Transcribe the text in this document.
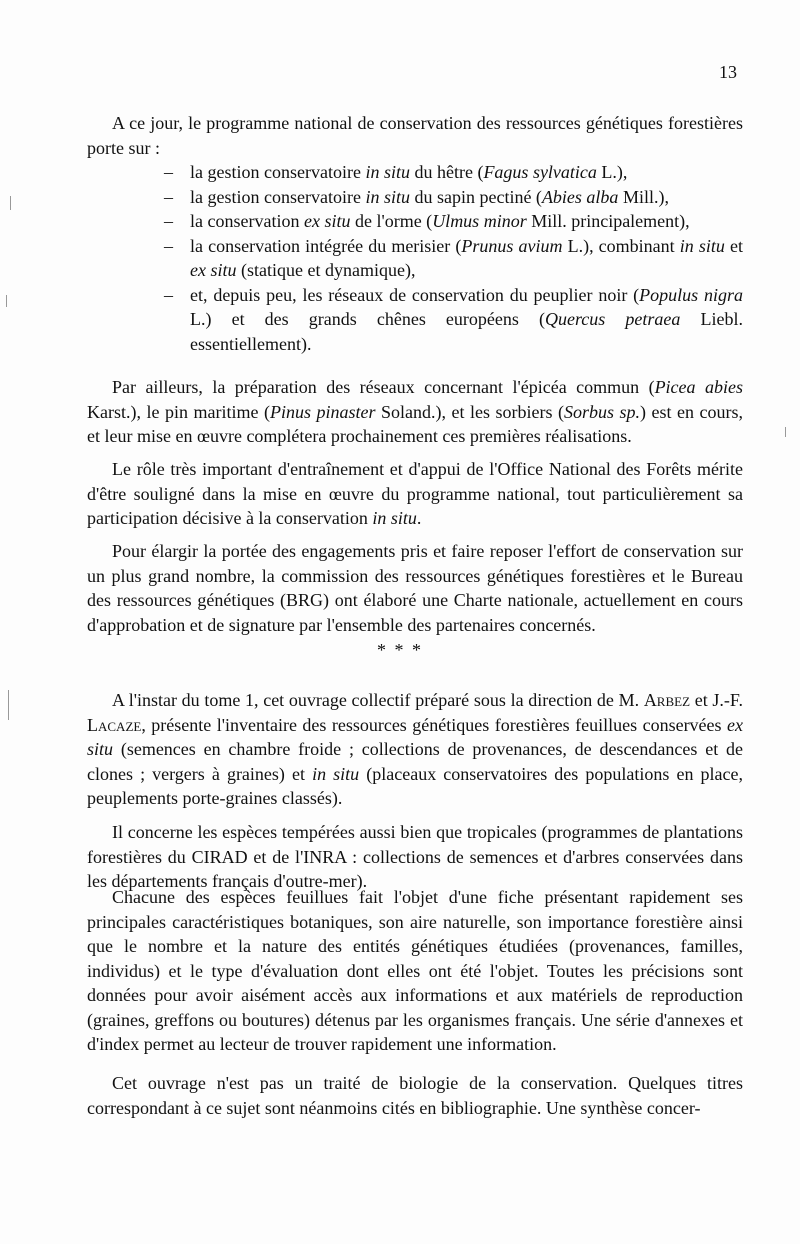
13

A ce jour, le programme national de conservation des ressources génétiques forestières porte sur :

– la gestion conservatoire in situ du hêtre (Fagus sylvatica L.),
– la gestion conservatoire in situ du sapin pectiné (Abies alba Mill.),
– la conservation ex situ de l'orme (Ulmus minor Mill. principalement),
– la conservation intégrée du merisier (Prunus avium L.), combinant in situ et ex situ (statique et dynamique),
– et, depuis peu, les réseaux de conservation du peuplier noir (Populus nigra L.) et des grands chênes européens (Quercus petraea Liebl. essentiellement).

Par ailleurs, la préparation des réseaux concernant l'épicéa commun (Picea abies Karst.), le pin maritime (Pinus pinaster Soland.), et les sorbiers (Sorbus sp.) est en cours, et leur mise en œuvre complétera prochainement ces premières réalisations.

Le rôle très important d'entraînement et d'appui de l'Office National des Forêts mérite d'être souligné dans la mise en œuvre du programme national, tout particulièrement sa participation décisive à la conservation in situ.

Pour élargir la portée des engagements pris et faire reposer l'effort de conservation sur un plus grand nombre, la commission des ressources génétiques forestières et le Bureau des ressources génétiques (BRG) ont élaboré une Charte nationale, actuellement en cours d'approbation et de signature par l'ensemble des partenaires concernés.

* * *

A l'instar du tome 1, cet ouvrage collectif préparé sous la direction de M. Arbez et J.-F. Lacaze, présente l'inventaire des ressources génétiques forestières feuillues conservées ex situ (semences en chambre froide ; collections de provenances, de descendances et de clones ; vergers à graines) et in situ (placeaux conservatoires des populations en place, peuplements porte-graines classés).

Il concerne les espèces tempérées aussi bien que tropicales (programmes de plantations forestières du CIRAD et de l'INRA : collections de semences et d'arbres conservées dans les départements français d'outre-mer).

Chacune des espèces feuillues fait l'objet d'une fiche présentant rapidement ses principales caractéristiques botaniques, son aire naturelle, son importance forestière ainsi que le nombre et la nature des entités génétiques étudiées (provenances, familles, individus) et le type d'évaluation dont elles ont été l'objet. Toutes les précisions sont données pour avoir aisément accès aux informations et aux matériels de reproduction (graines, greffons ou boutures) détenus par les organismes français. Une série d'annexes et d'index permet au lecteur de trouver rapidement une information.

Cet ouvrage n'est pas un traité de biologie de la conservation. Quelques titres correspondant à ce sujet sont néanmoins cités en bibliographie. Une synthèse concer-
